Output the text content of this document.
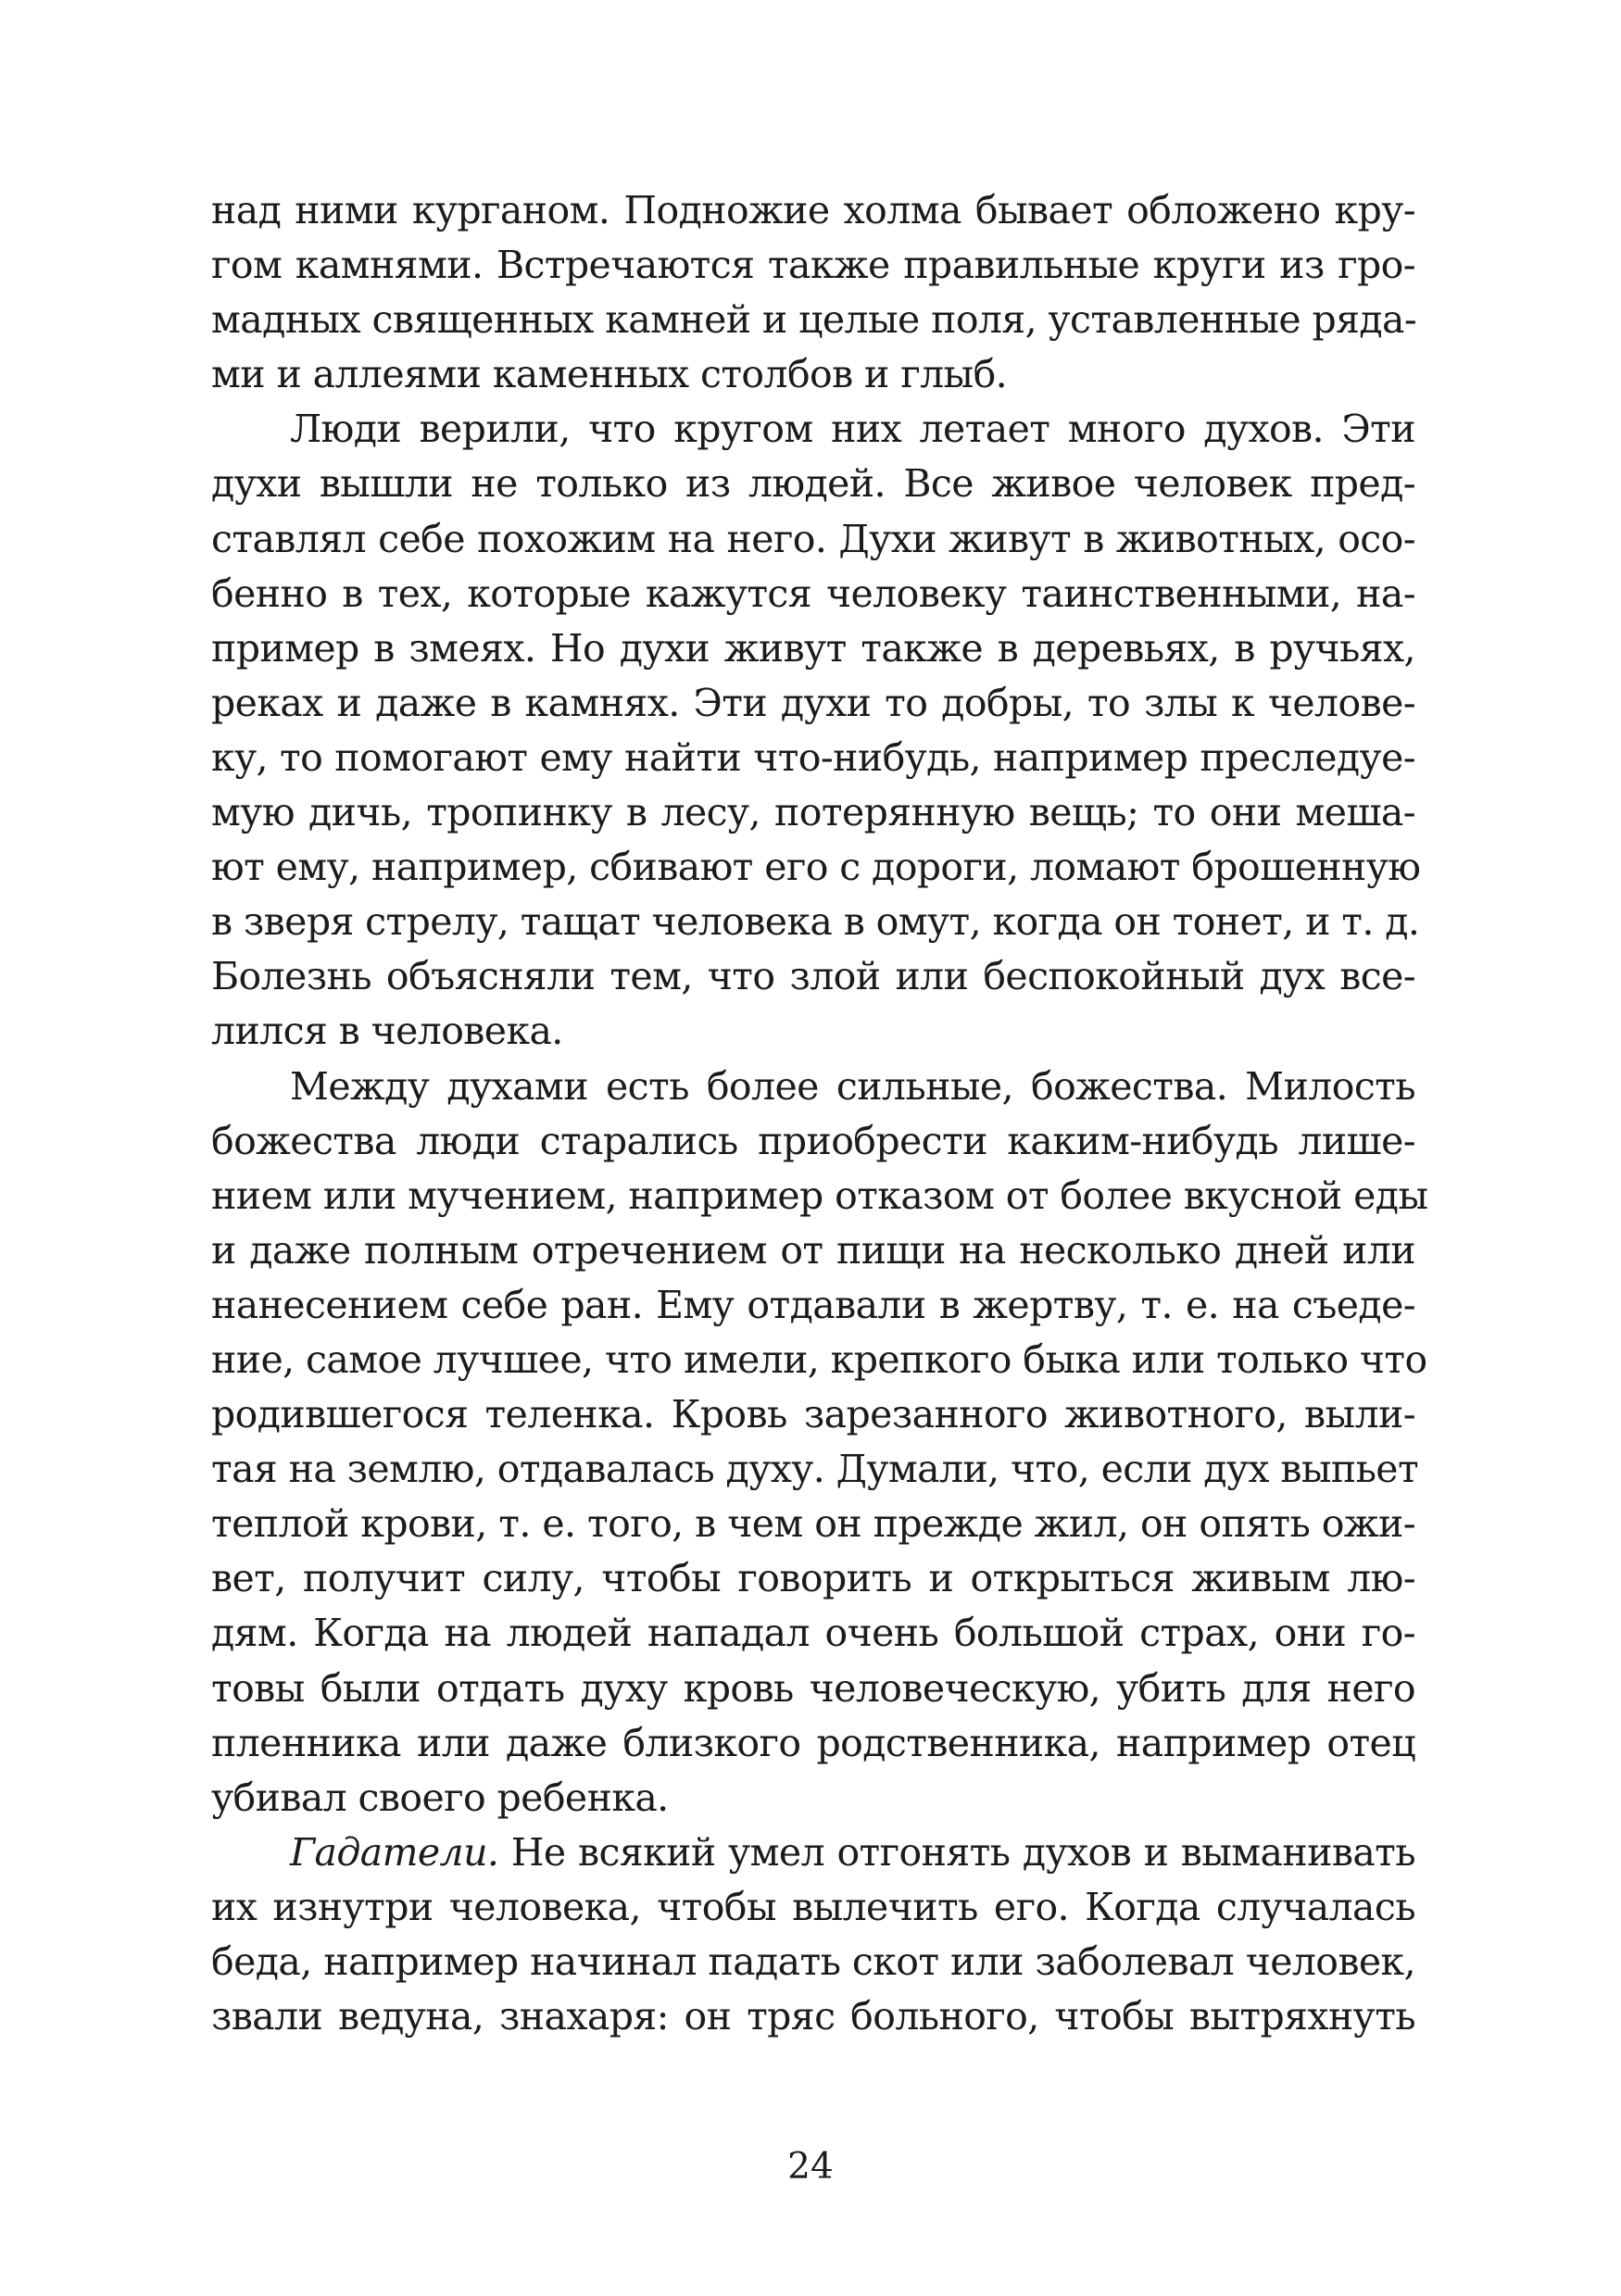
над ними курганом. Подножие холма бывает обложено кру-
гом камнями. Встречаются также правильные круги из гро-
мадных священных камней и целые поля, уставленные ряда-
ми и аллеями каменных столбов и глыб.
Люди верили, что кругом них летает много духов. Эти
духи вышли не только из людей. Все живое человек пред-
ставлял себе похожим на него. Духи живут в животных, осо-
бенно в тех, которые кажутся человеку таинственными, на-
пример в змеях. Но духи живут также в деревьях, в ручьях,
реках и даже в камнях. Эти духи то добры, то злы к челове-
ку, то помогают ему найти что-нибудь, например преследуе-
мую дичь, тропинку в лесу, потерянную вещь; то они меша-
ют ему, например, сбивают его с дороги, ломают брошенную
в зверя стрелу, тащат человека в омут, когда он тонет, и т. д.
Болезнь объясняли тем, что злой или беспокойный дух все-
лился в человека.
Между духами есть более сильные, божества. Милость
божества люди старались приобрести каким-нибудь лише-
нием или мучением, например отказом от более вкусной еды
и даже полным отречением от пищи на несколько дней или
нанесением себе ран. Ему отдавали в жертву, т. е. на съеде-
ние, самое лучшее, что имели, крепкого быка или только что
родившегося теленка. Кровь зарезанного животного, выли-
тая на землю, отдавалась духу. Думали, что, если дух выпьет
теплой крови, т. е. того, в чем он прежде жил, он опять ожи-
вет, получит силу, чтобы говорить и открыться живым лю-
дям. Когда на людей нападал очень большой страх, они го-
товы были отдать духу кровь человеческую, убить для него
пленника или даже близкого родственника, например отец
убивал своего ребенка.
Гадатели. Не всякий умел отгонять духов и выманивать
их изнутри человека, чтобы вылечить его. Когда случалась
беда, например начинал падать скот или заболевал человек,
звали ведуна, знахаря: он тряс больного, чтобы вытряхнуть
24
